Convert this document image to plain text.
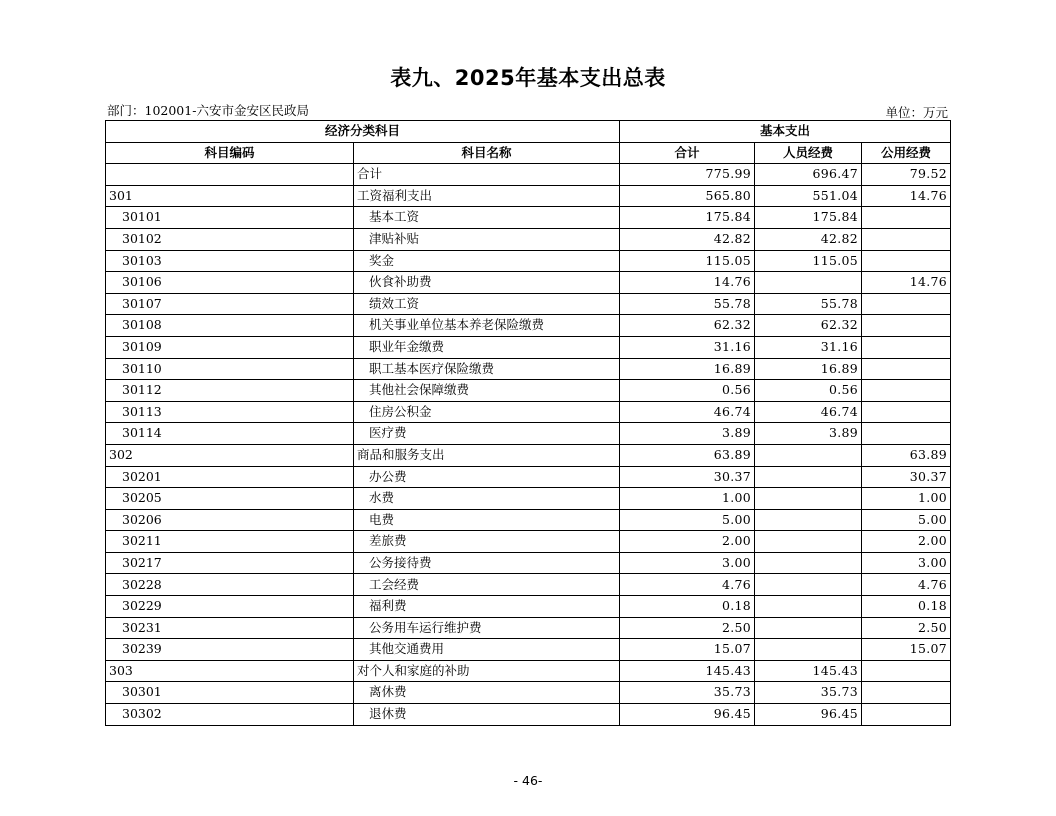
表九、2025年基本支出总表
部门：102001-六安市金安区民政局	单位：万元
经济分类科目		基本支出		
科目编码	科目名称	合计	人员经费	公用经费
	合计	775.99	696.47	79.52
301	工资福利支出	565.80	551.04	14.76
30101	基本工资	175.84	175.84	
30102	津贴补贴	42.82	42.82	
30103	奖金	115.05	115.05	
30106	伙食补助费	14.76		14.76
30107	绩效工资	55.78	55.78	
30108	机关事业单位基本养老保险缴费	62.32	62.32	
30109	职业年金缴费	31.16	31.16	
30110	职工基本医疗保险缴费	16.89	16.89	
30112	其他社会保障缴费	0.56	0.56	
30113	住房公积金	46.74	46.74	
30114	医疗费	3.89	3.89	
302	商品和服务支出	63.89		63.89
30201	办公费	30.37		30.37
30205	水费	1.00		1.00
30206	电费	5.00		5.00
30211	差旅费	2.00		2.00
30217	公务接待费	3.00		3.00
30228	工会经费	4.76		4.76
30229	福利费	0.18		0.18
30231	公务用车运行维护费	2.50		2.50
30239	其他交通费用	15.07		15.07
303	对个人和家庭的补助	145.43	145.43	
30301	离休费	35.73	35.73	
30302	退休费	96.45	96.45	
- 46-
